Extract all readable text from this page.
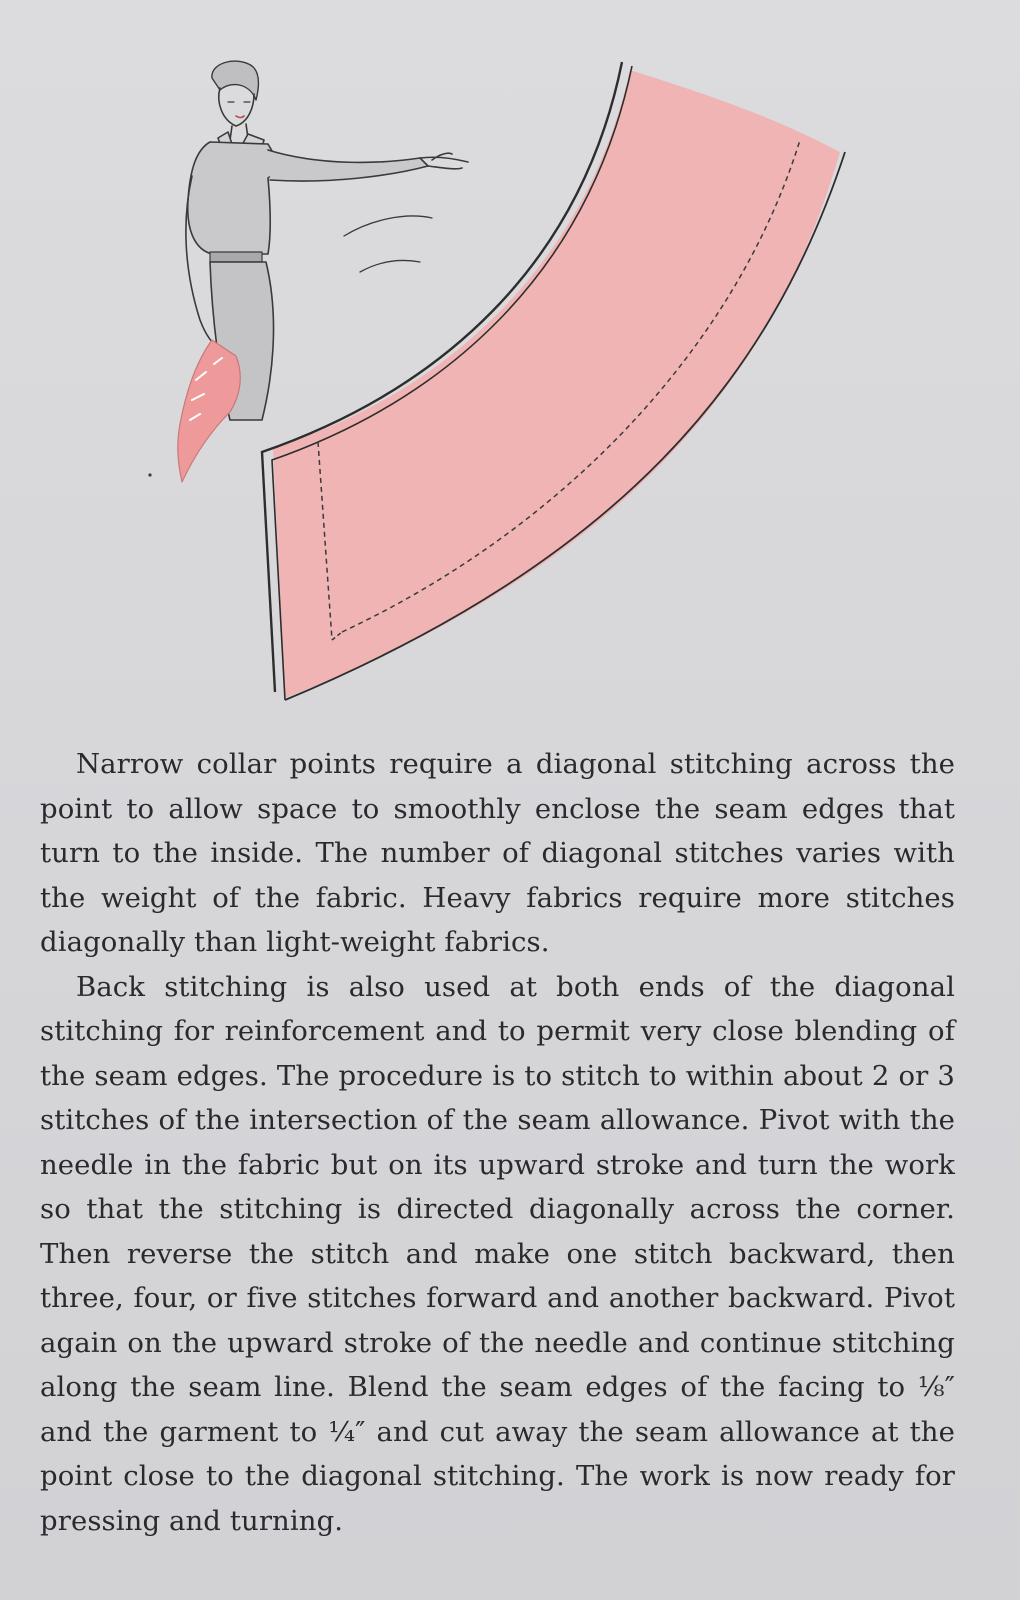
Narrow collar points require a diagonal stitching across the point to allow space to smoothly enclose the seam edges that turn to the inside. The number of diagonal stitches varies with the weight of the fabric. Heavy fabrics require more stitches diagonally than light-weight fabrics.

Back stitching is also used at both ends of the diagonal stitching for reinforcement and to permit very close blending of the seam edges. The procedure is to stitch to within about 2 or 3 stitches of the intersection of the seam allowance. Pivot with the needle in the fabric but on its upward stroke and turn the work so that the stitching is directed diagonally across the corner. Then reverse the stitch and make one stitch backward, then three, four, or five stitches forward and another backward. Pivot again on the upward stroke of the needle and continue stitching along the seam line. Blend the seam edges of the facing to ⅛″ and the garment to ¼″ and cut away the seam allowance at the point close to the diagonal stitching. The work is now ready for pressing and turning.
